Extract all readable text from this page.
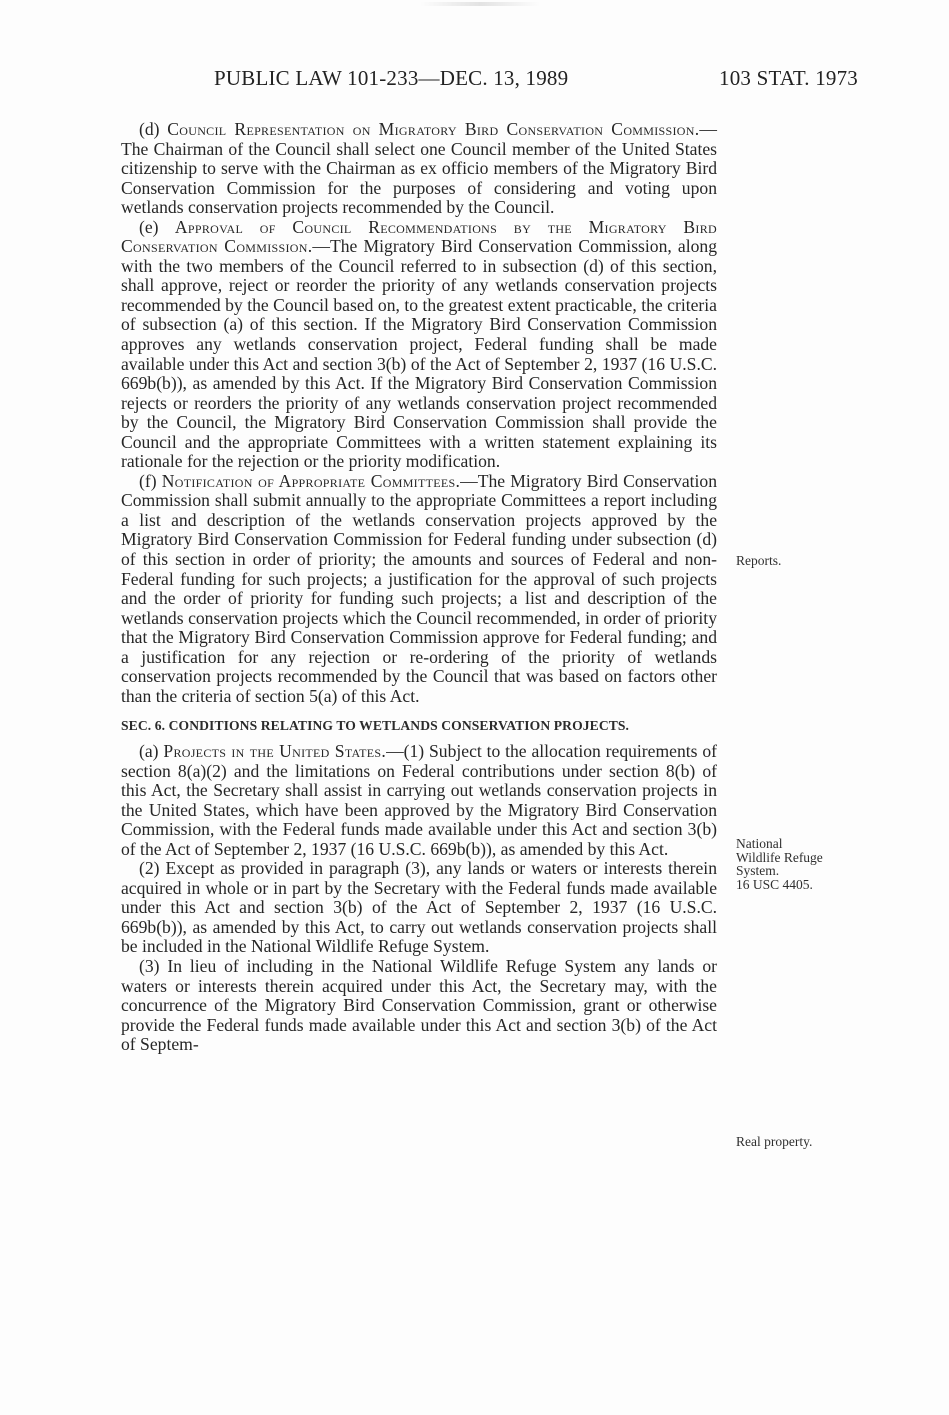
PUBLIC LAW 101-233—DEC. 13, 1989	103 STAT. 1973

(d) Council Representation on Migratory Bird Conservation Commission.—The Chairman of the Council shall select one Council member of the United States citizenship to serve with the Chairman as ex officio members of the Migratory Bird Conservation Commission for the purposes of considering and voting upon wetlands conservation projects recommended by the Council.

(e) Approval of Council Recommendations by the Migratory Bird Conservation Commission.—The Migratory Bird Conservation Commission, along with the two members of the Council referred to in subsection (d) of this section, shall approve, reject or reorder the priority of any wetlands conservation projects recommended by the Council based on, to the greatest extent practicable, the criteria of subsection (a) of this section. If the Migratory Bird Conservation Commission approves any wetlands conservation project, Federal funding shall be made available under this Act and section 3(b) of the Act of September 2, 1937 (16 U.S.C. 669b(b)), as amended by this Act. If the Migratory Bird Conservation Commission rejects or reorders the priority of any wetlands conservation project recommended by the Council, the Migratory Bird Conservation Commission shall provide the Council and the appropriate Committees with a written statement explaining its rationale for the rejection or the priority modification.

(f) Notification of Appropriate Committees.—The Migratory Bird Conservation Commission shall submit annually to the appropriate Committees a report including a list and description of the wetlands conservation projects approved by the Migratory Bird Conservation Commission for Federal funding under subsection (d) of this section in order of priority; the amounts and sources of Federal and non-Federal funding for such projects; a justification for the approval of such projects and the order of priority for funding such projects; a list and description of the wetlands conservation projects which the Council recommended, in order of priority that the Migratory Bird Conservation Commission approve for Federal funding; and a justification for any rejection or re-ordering of the priority of wetlands conservation projects recommended by the Council that was based on factors other than the criteria of section 5(a) of this Act.

SEC. 6. CONDITIONS RELATING TO WETLANDS CONSERVATION PROJECTS.

(a) Projects in the United States.—(1) Subject to the allocation requirements of section 8(a)(2) and the limitations on Federal contributions under section 8(b) of this Act, the Secretary shall assist in carrying out wetlands conservation projects in the United States, which have been approved by the Migratory Bird Conservation Commission, with the Federal funds made available under this Act and section 3(b) of the Act of September 2, 1937 (16 U.S.C. 669b(b)), as amended by this Act.

(2) Except as provided in paragraph (3), any lands or waters or interests therein acquired in whole or in part by the Secretary with the Federal funds made available under this Act and section 3(b) of the Act of September 2, 1937 (16 U.S.C. 669b(b)), as amended by this Act, to carry out wetlands conservation projects shall be included in the National Wildlife Refuge System.

(3) In lieu of including in the National Wildlife Refuge System any lands or waters or interests therein acquired under this Act, the Secretary may, with the concurrence of the Migratory Bird Conservation Commission, grant or otherwise provide the Federal funds made available under this Act and section 3(b) of the Act of Septem-

Reports.
National
Wildlife Refuge
System.
16 USC 4405.
Real property.
